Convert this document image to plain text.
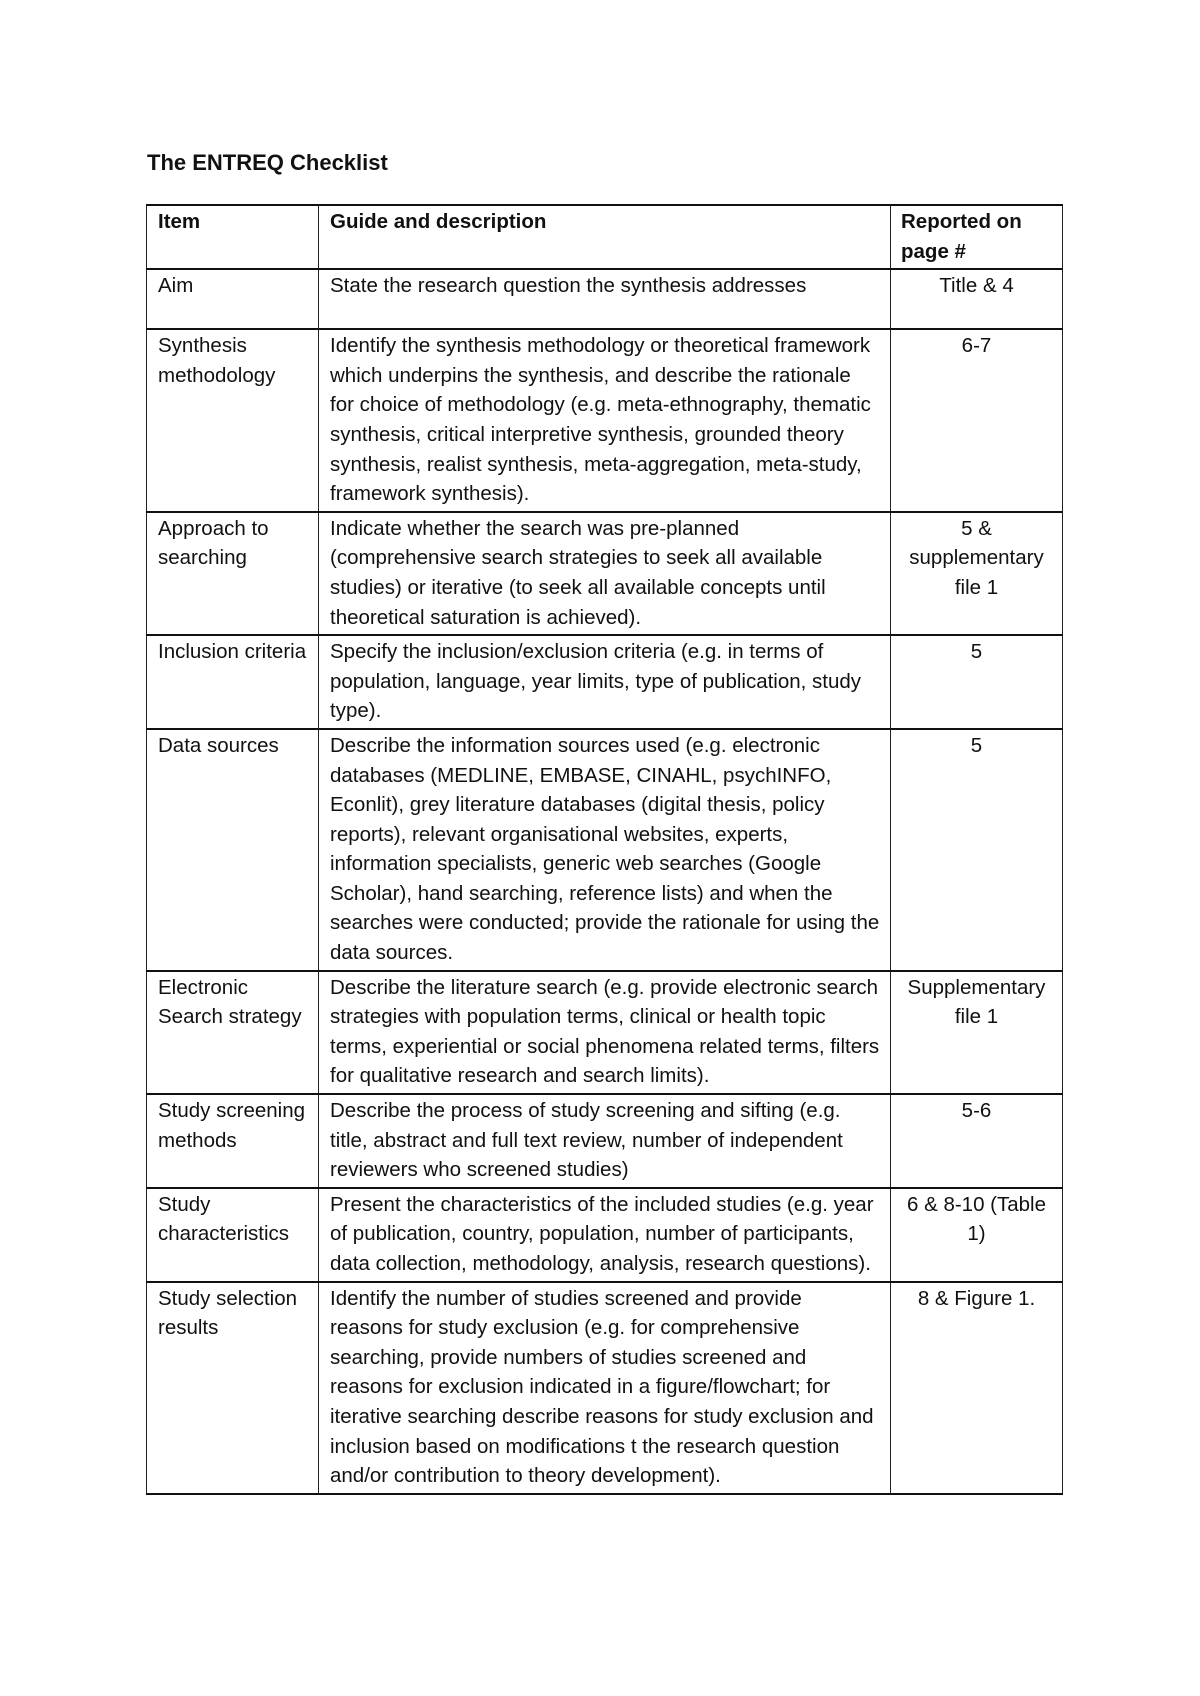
The ENTREQ Checklist
Item	Guide and description	Reported on page #
Aim	State the research question the synthesis addresses	Title & 4
Synthesis methodology	Identify the synthesis methodology or theoretical framework which underpins the synthesis, and describe the rationale for choice of methodology (e.g. meta-ethnography, thematic synthesis, critical interpretive synthesis, grounded theory synthesis, realist synthesis, meta-aggregation, meta-study, framework synthesis).	6-7
Approach to searching	Indicate whether the search was pre-planned (comprehensive search strategies to seek all available studies) or iterative (to seek all available concepts until theoretical saturation is achieved).	5 & supplementary file 1
Inclusion criteria	Specify the inclusion/exclusion criteria (e.g. in terms of population, language, year limits, type of publication, study type).	5
Data sources	Describe the information sources used (e.g. electronic databases (MEDLINE, EMBASE, CINAHL, psychINFO, Econlit), grey literature databases (digital thesis, policy reports), relevant organisational websites, experts, information specialists, generic web searches (Google Scholar), hand searching, reference lists) and when the searches were conducted; provide the rationale for using the data sources.	5
Electronic Search strategy	Describe the literature search (e.g. provide electronic search strategies with population terms, clinical or health topic terms, experiential or social phenomena related terms, filters for qualitative research and search limits).	Supplementary file 1
Study screening methods	Describe the process of study screening and sifting (e.g. title, abstract and full text review, number of independent reviewers who screened studies)	5-6
Study characteristics	Present the characteristics of the included studies (e.g. year of publication, country, population, number of participants, data collection, methodology, analysis, research questions).	6 & 8-10 (Table 1)
Study selection results	Identify the number of studies screened and provide reasons for study exclusion (e.g. for comprehensive searching, provide numbers of studies screened and reasons for exclusion indicated in a figure/flowchart; for iterative searching describe reasons for study exclusion and inclusion based on modifications t the research question and/or contribution to theory development).	8 & Figure 1.
